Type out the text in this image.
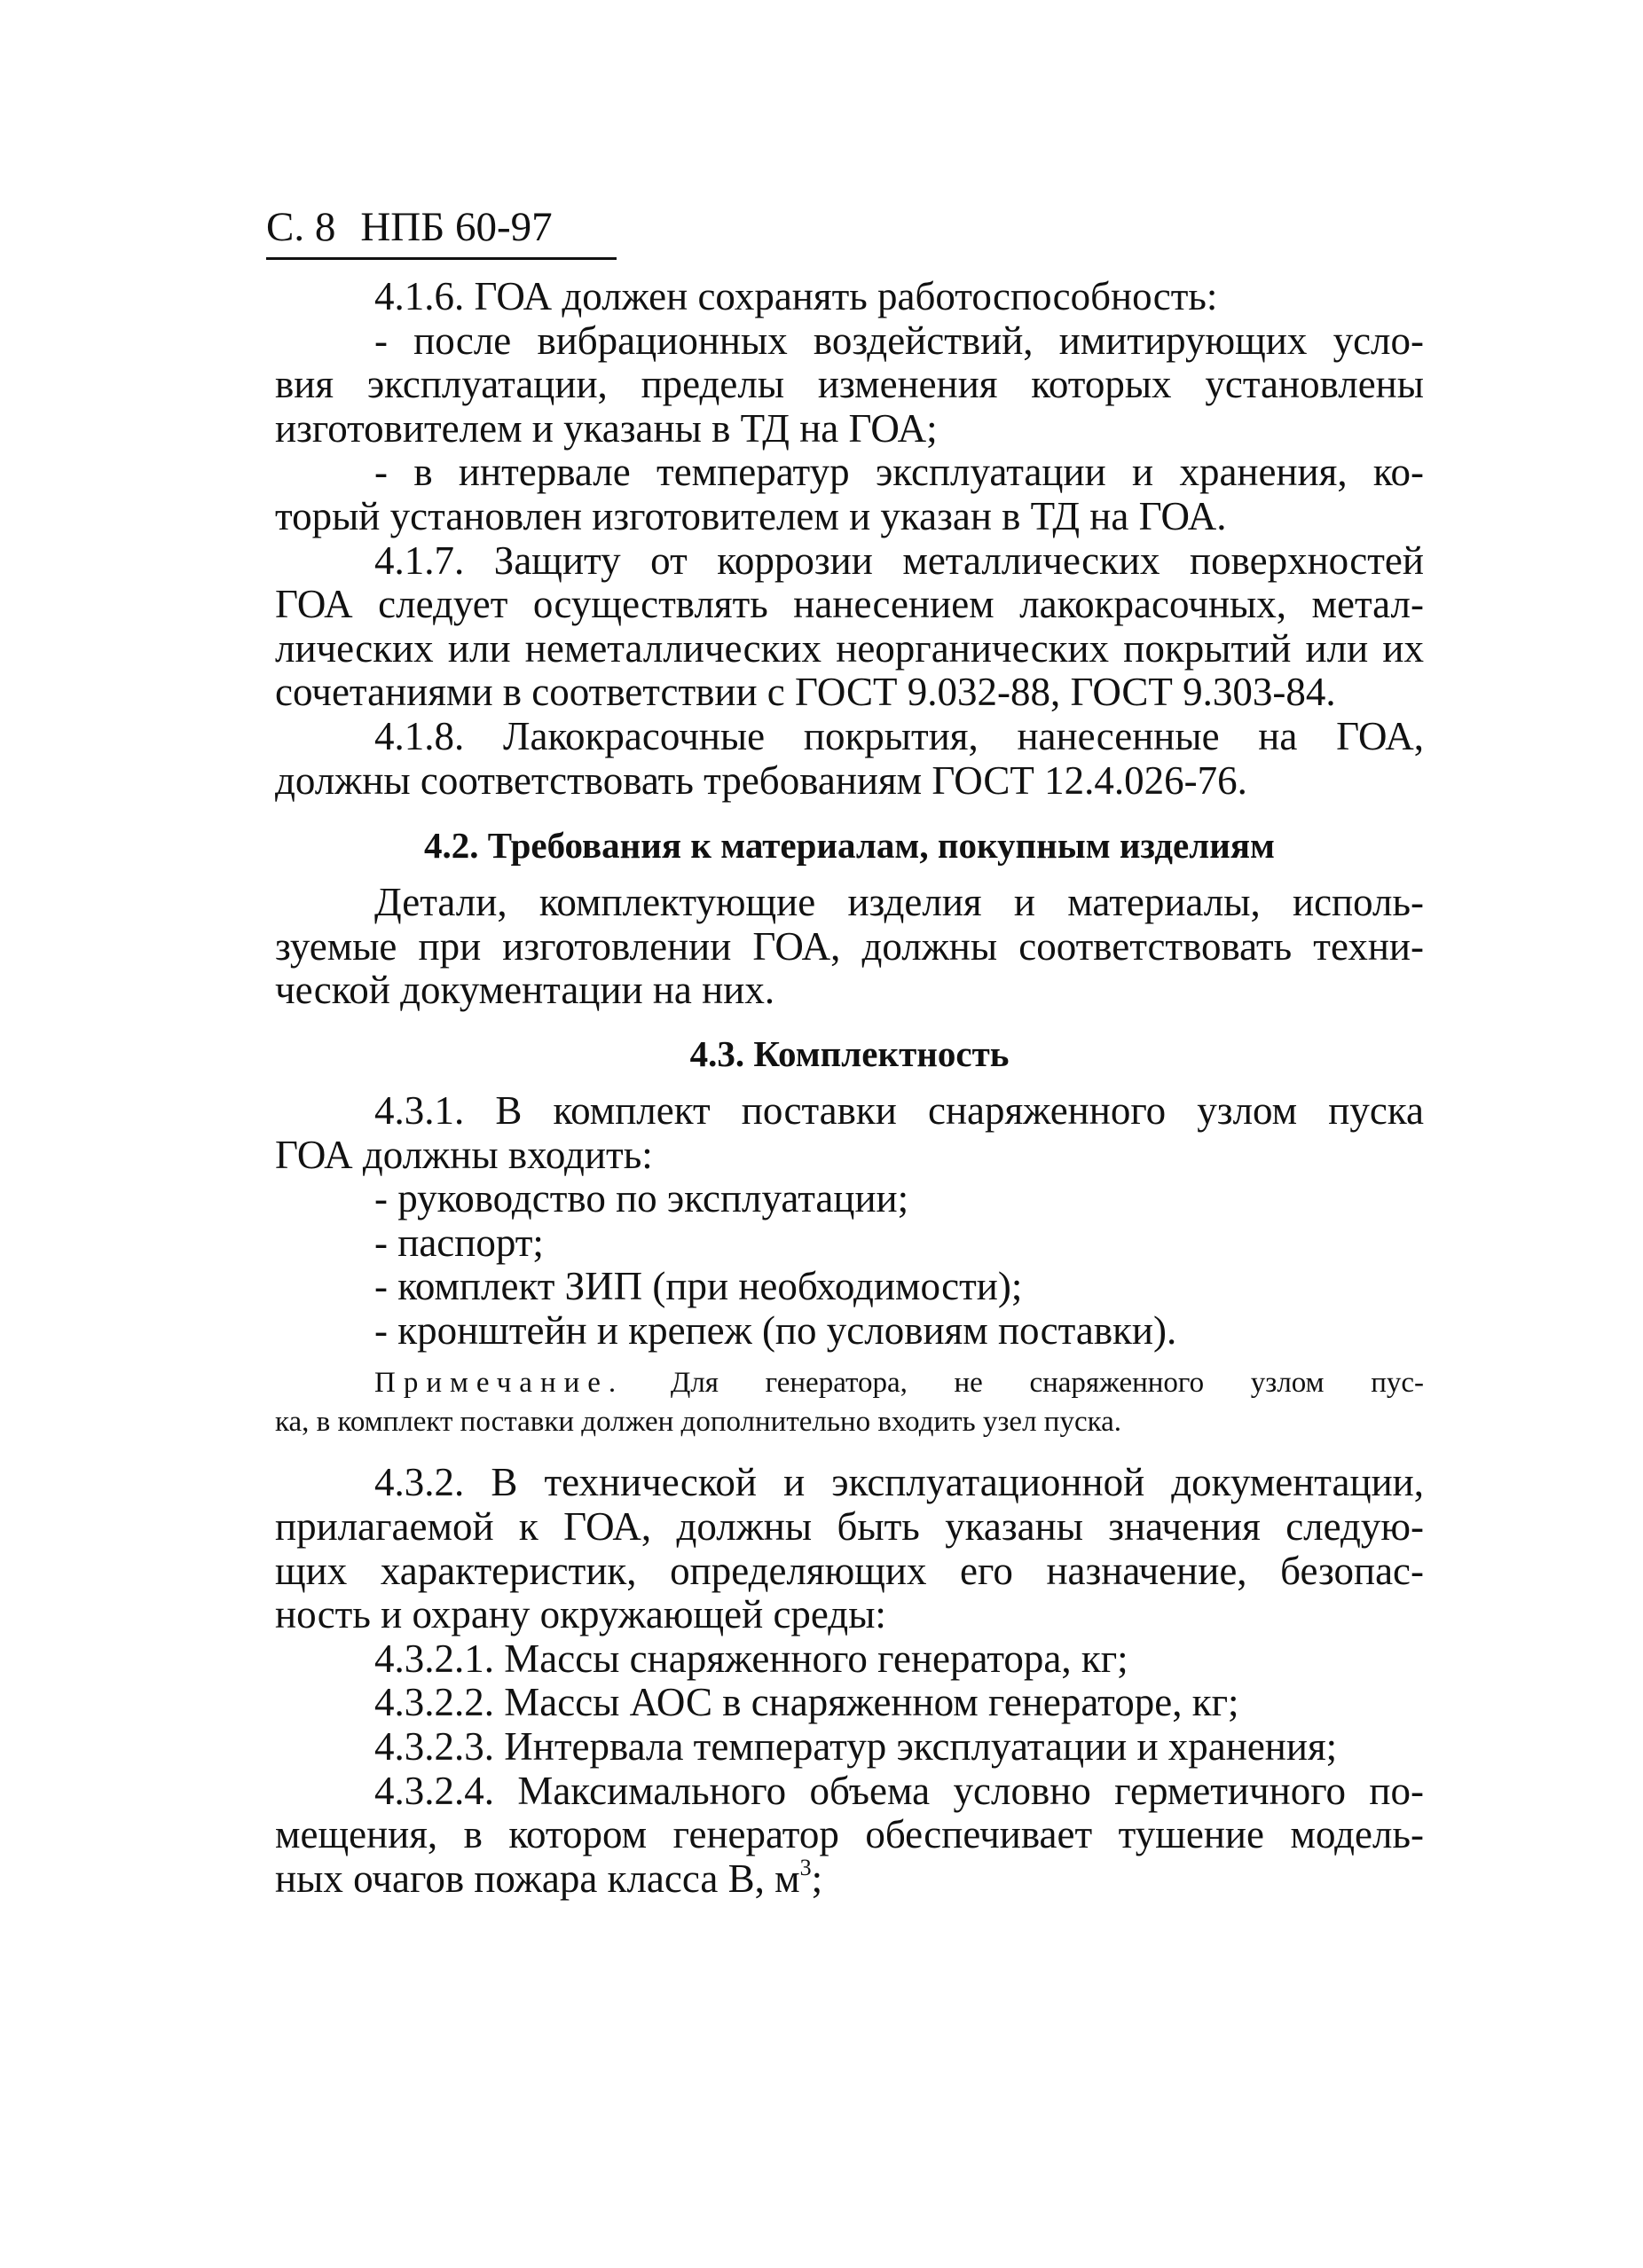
С. 8 НПБ 60-97

4.1.6. ГОА должен сохранять работоспособность:

- после вибрационных воздействий, имитирующих усло-

вия эксплуатации, пределы изменения которых установлены

изготовителем и указаны в ТД на ГОА;

- в интервале температур эксплуатации и хранения, ко-

торый установлен изготовителем и указан в ТД на ГОА.

4.1.7. Защиту от коррозии металлических поверхностей

ГОА следует осуществлять нанесением лакокрасочных, метал-

лических или неметаллических неорганических покрытий или их

сочетаниями в соответствии с ГОСТ 9.032-88, ГОСТ 9.303-84.

4.1.8. Лакокрасочные покрытия, нанесенные на ГОА,

должны соответствовать требованиям ГОСТ 12.4.026-76.

4.2. Требования к материалам, покупным изделиям

Детали, комплектующие изделия и материалы, исполь-

зуемые при изготовлении ГОА, должны соответствовать техни-

ческой документации на них.

4.3. Комплектность

4.3.1. В комплект поставки снаряженного узлом пуска

ГОА должны входить:

- руководство по эксплуатации;

- паспорт;

- комплект ЗИП (при необходимости);

- кронштейн и крепеж (по условиям поставки).

Примечание. Для генератора, не снаряженного узлом пус-
ка, в комплект поставки должен дополнительно входить узел пуска.

4.3.2. В технической и эксплуатационной документации,

прилагаемой к ГОА, должны быть указаны значения следую-

щих характеристик, определяющих его назначение, безопас-

ность и охрану окружающей среды:

4.3.2.1. Массы снаряженного генератора, кг;

4.3.2.2. Массы АОС в снаряженном генераторе, кг;

4.3.2.3. Интервала температур эксплуатации и хранения;

4.3.2.4. Максимального объема условно герметичного по-

мещения, в котором генератор обеспечивает тушение модель-

ных очагов пожара класса В, $м^3$;
